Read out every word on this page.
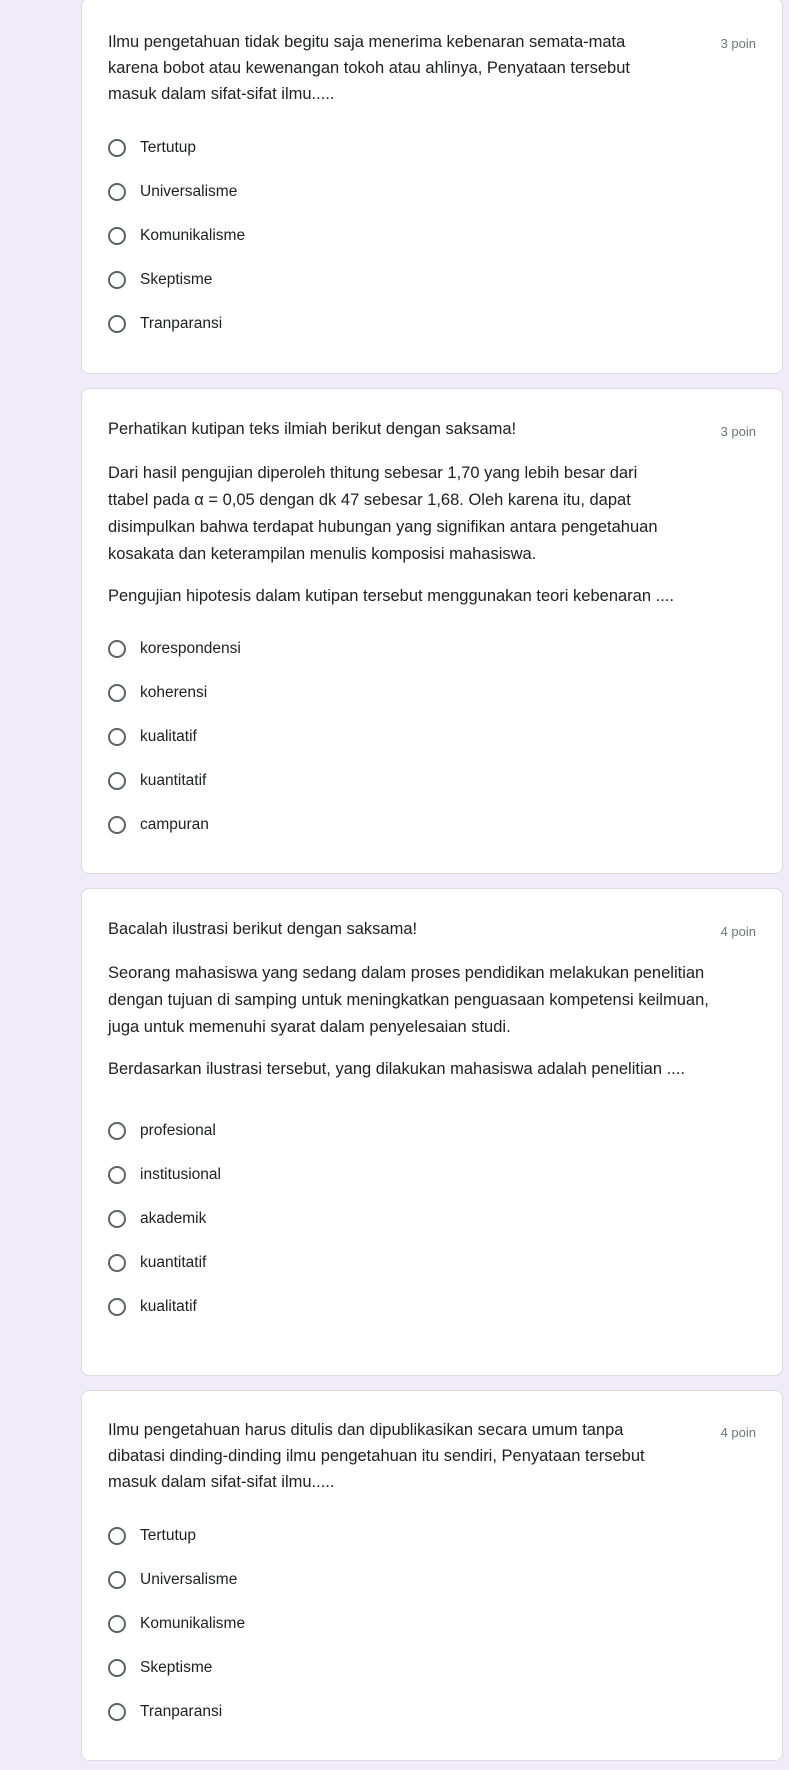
Ilmu pengetahuan tidak begitu saja menerima kebenaran semata-mata karena bobot atau kewenangan tokoh atau ahlinya, Penyataan tersebut masuk dalam sifat-sifat ilmu.....
3 poin
Tertutup
Universalisme
Komunikalisme
Skeptisme
Tranparansi
Perhatikan kutipan teks ilmiah berikut dengan saksama!	3 poin
Dari hasil pengujian diperoleh thitung sebesar 1,70 yang lebih besar dari ttabel pada α = 0,05 dengan dk 47 sebesar 1,68. Oleh karena itu, dapat disimpulkan bahwa terdapat hubungan yang signifikan antara pengetahuan kosakata dan keterampilan menulis komposisi mahasiswa.
Pengujian hipotesis dalam kutipan tersebut menggunakan teori kebenaran ....
korespondensi
koherensi
kualitatif
kuantitatif
campuran
Bacalah ilustrasi berikut dengan saksama!	4 poin
Seorang mahasiswa yang sedang dalam proses pendidikan melakukan penelitian dengan tujuan di samping untuk meningkatkan penguasaan kompetensi keilmuan, juga untuk memenuhi syarat dalam penyelesaian studi.
Berdasarkan ilustrasi tersebut, yang dilakukan mahasiswa adalah penelitian ....
profesional
institusional
akademik
kuantitatif
kualitatif
Ilmu pengetahuan harus ditulis dan dipublikasikan secara umum tanpa dibatasi dinding-dinding ilmu pengetahuan itu sendiri, Penyataan tersebut masuk dalam sifat-sifat ilmu.....
4 poin
Tertutup
Universalisme
Komunikalisme
Skeptisme
Tranparansi
